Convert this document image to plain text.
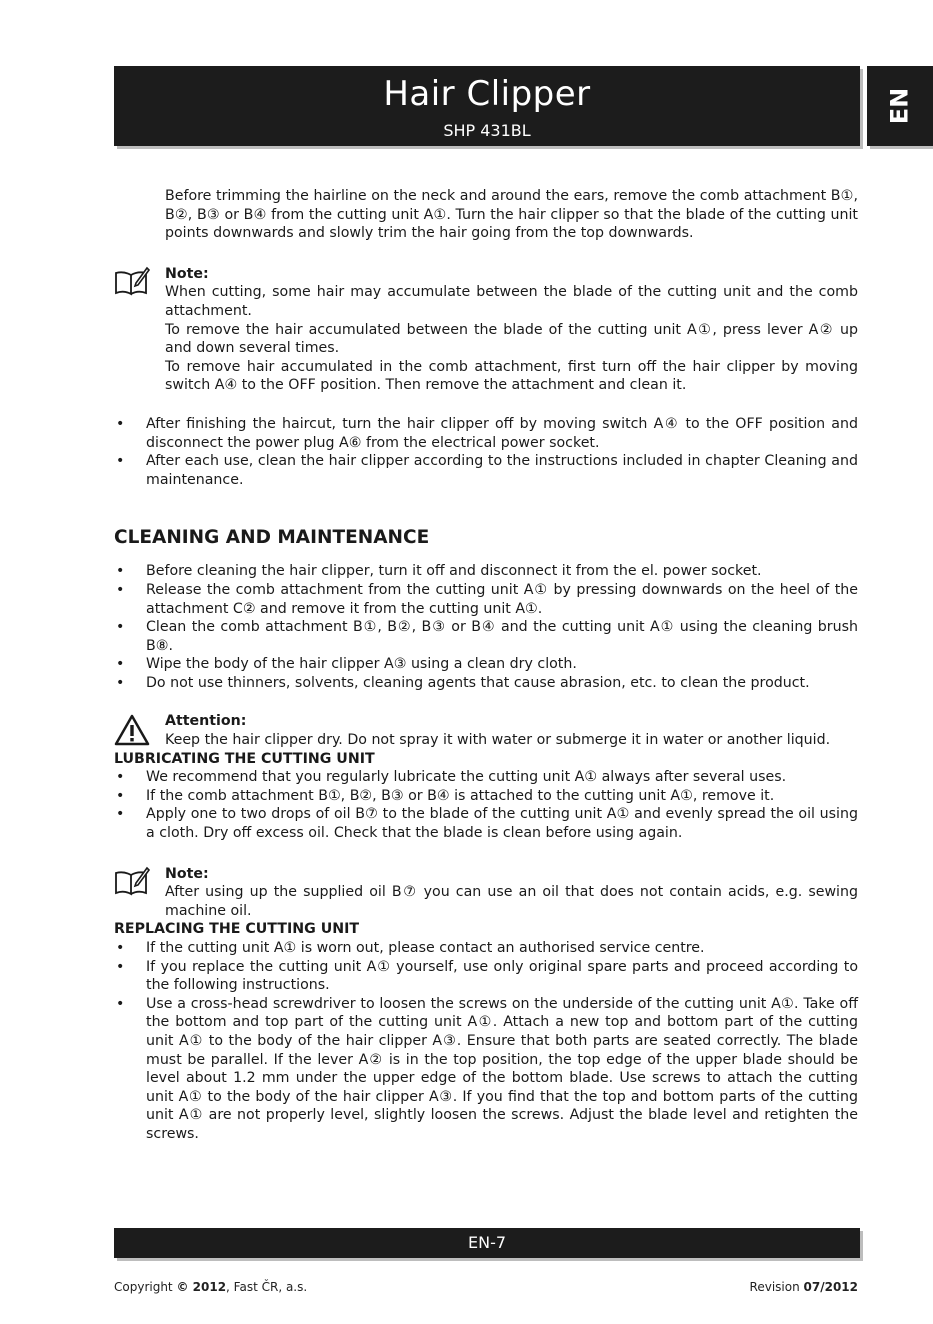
Hair Clipper
SHP 431BL
EN
Before trimming the hairline on the neck and around the ears, remove the comb attachment B①, B②, B③ or B④ from the cutting unit A①. Turn the hair clipper so that the blade of the cutting unit points downwards and slowly trim the hair going from the top downwards.

Note:

When cutting, some hair may accumulate between the blade of the cutting unit and the comb attachment.

To remove the hair accumulated between the blade of the cutting unit A①, press lever A② up and down several times.

To remove hair accumulated in the comb attachment, first turn off the hair clipper by moving switch A④ to the OFF position. Then remove the attachment and clean it.

• After finishing the haircut, turn the hair clipper off by moving switch A④ to the OFF position and disconnect the power plug A⑥ from the electrical power socket.
• After each use, clean the hair clipper according to the instructions included in chapter Cleaning and maintenance.
CLEANING AND MAINTENANCE
• Before cleaning the hair clipper, turn it off and disconnect it from the el. power socket.
• Release the comb attachment from the cutting unit A① by pressing downwards on the heel of the attachment C② and remove it from the cutting unit A①.
• Clean the comb attachment B①, B②, B③ or B④ and the cutting unit A① using the cleaning brush B⑧.
• Wipe the body of the hair clipper A③ using a clean dry cloth.
• Do not use thinners, solvents, cleaning agents that cause abrasion, etc. to clean the product.

Attention:

Keep the hair clipper dry. Do not spray it with water or submerge it in water or another liquid.

LUBRICATING THE CUTTING UNIT
• We recommend that you regularly lubricate the cutting unit A① always after several uses.
• If the comb attachment B①, B②, B③ or B④ is attached to the cutting unit A①, remove it.
• Apply one to two drops of oil B⑦ to the blade of the cutting unit A① and evenly spread the oil using a cloth. Dry off excess oil. Check that the blade is clean before using again.

Note:

After using up the supplied oil B⑦ you can use an oil that does not contain acids, e.g. sewing machine oil.

REPLACING THE CUTTING UNIT
• If the cutting unit A① is worn out, please contact an authorised service centre.
• If you replace the cutting unit A① yourself, use only original spare parts and proceed according to the following instructions.
• Use a cross-head screwdriver to loosen the screws on the underside of the cutting unit A①. Take off the bottom and top part of the cutting unit A①. Attach a new top and bottom part of the cutting unit A① to the body of the hair clipper A③. Ensure that both parts are seated correctly. The blade must be parallel. If the lever A② is in the top position, the top edge of the upper blade should be level about 1.2 mm under the upper edge of the bottom blade. Use screws to attach the cutting unit A① to the body of the hair clipper A③. If you find that the top and bottom parts of the cutting unit A① are not properly level, slightly loosen the screws. Adjust the blade level and retighten the screws.
EN-7
Copyright © 2012, Fast ČR, a.s.	Revision 07/2012
